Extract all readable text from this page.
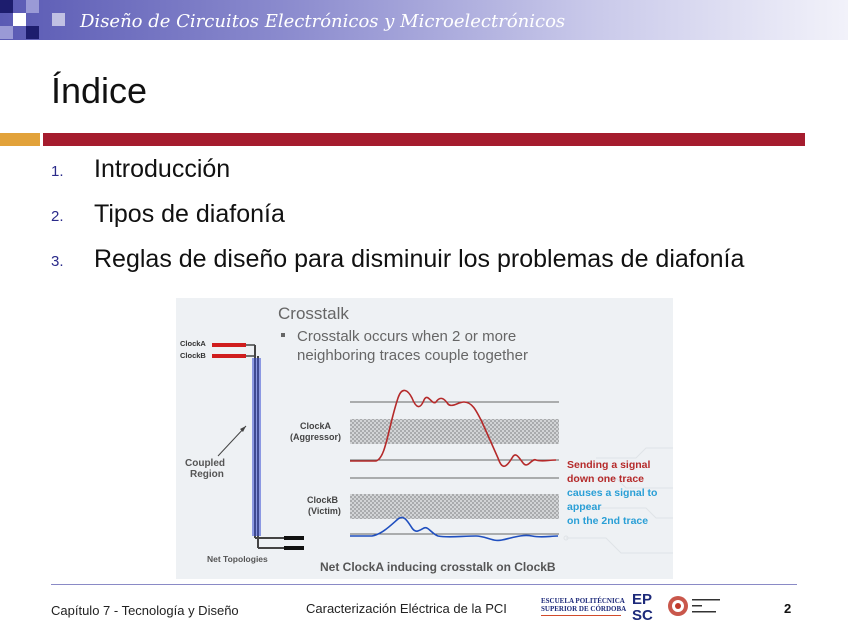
Diseño de Circuitos Electrónicos y Microelectrónicos
Índice
1. Introducción
2. Tipos de diafonía
3. Reglas de diseño para disminuir los problemas de diafonía
Crosstalk
Crosstalk occurs when 2 or more
neighboring traces couple together
ClockA
ClockB
Coupled
Region
Net Topologies
ClockA
(Aggressor)
ClockB
(Victim)
Sending a signal
down one trace
causes a signal to
appear
on the 2nd trace
Net ClockA inducing crosstalk on ClockB
Capítulo 7 - Tecnología y Diseño	Caracterización Eléctrica de la PCI	ESCUELA POLITÉCNICA
SUPERIOR DE CÓRDOBA
EP
SC	2
